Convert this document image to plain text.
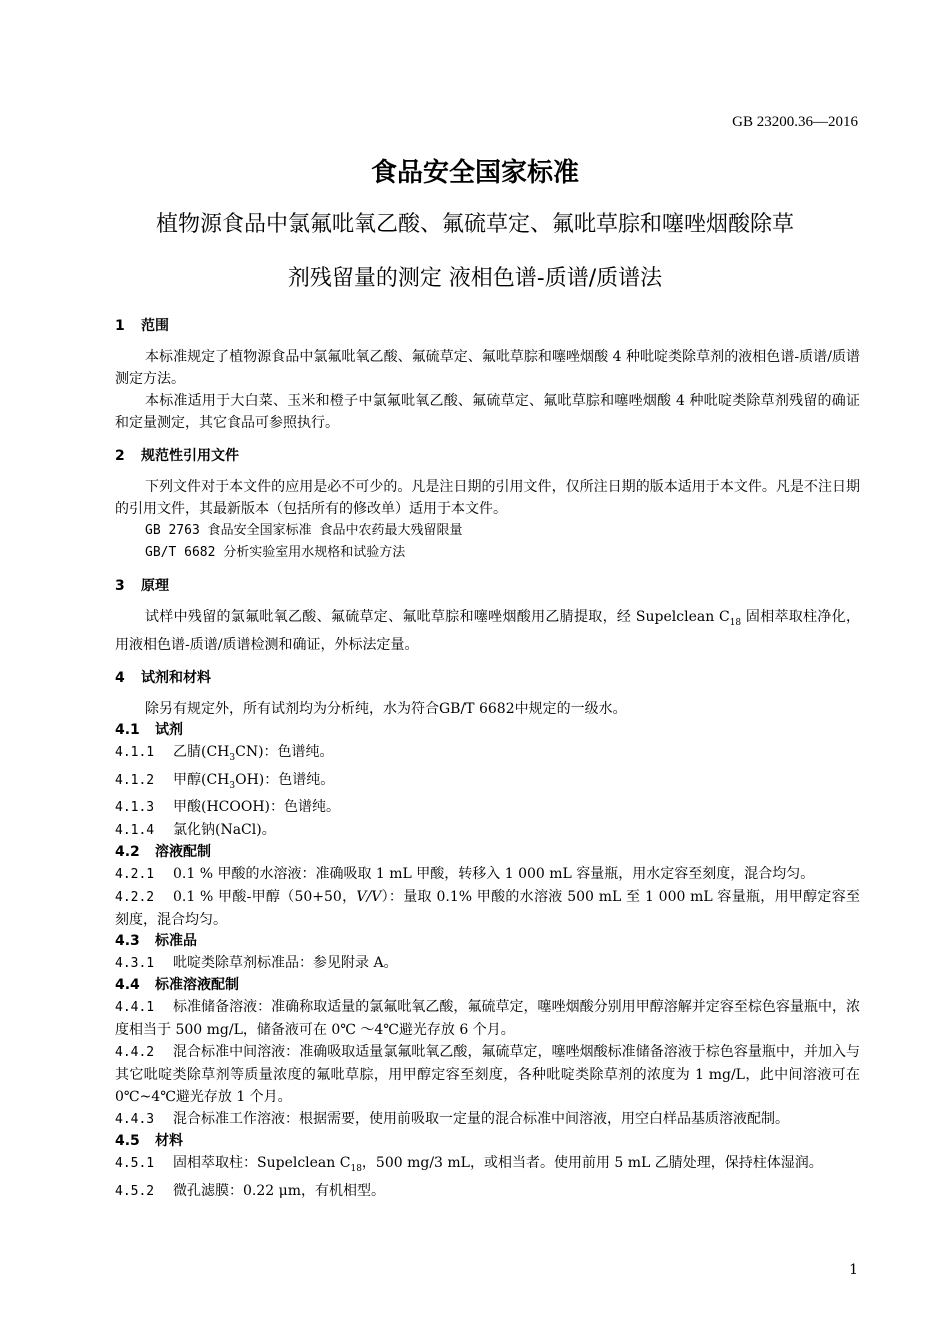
GB 23200.36—2016
食品安全国家标准
植物源食品中氯氟吡氧乙酸、氟硫草定、氟吡草腙和噻唑烟酸除草
剂残留量的测定 液相色谱-质谱/质谱法
1 范围

本标准规定了植物源食品中氯氟吡氧乙酸、氟硫草定、氟吡草腙和噻唑烟酸 4 种吡啶类除草剂的液相色谱-质谱/质谱测定方法。

本标准适用于大白菜、玉米和橙子中氯氟吡氧乙酸、氟硫草定、氟吡草腙和噻唑烟酸 4 种吡啶类除草剂残留的确证和定量测定，其它食品可参照执行。

2 规范性引用文件

下列文件对于本文件的应用是必不可少的。凡是注日期的引用文件，仅所注日期的版本适用于本文件。凡是不注日期的引用文件，其最新版本（包括所有的修改单）适用于本文件。

GB 2763 食品安全国家标准 食品中农药最大残留限量

GB/T 6682 分析实验室用水规格和试验方法

3 原理

试样中残留的氯氟吡氧乙酸、氟硫草定、氟吡草腙和噻唑烟酸用乙腈提取，经 Supelclean $C_{18}$ 固相萃取柱净化，用液相色谱-质谱/质谱检测和确证，外标法定量。

4 试剂和材料

除另有规定外，所有试剂均为分析纯，水为符合GB/T 6682中规定的一级水。

4.1 试剂

4.1.1 乙腈$(CH_3CN)$：色谱纯。

4.1.2 甲醇$(CH_3OH)$：色谱纯。

4.1.3 甲酸(HCOOH)：色谱纯。

4.1.4 氯化钠(NaCl)。

4.2 溶液配制

4.2.1 0.1 % 甲酸的水溶液：准确吸取 1 mL 甲酸，转移入 1 000 mL 容量瓶，用水定容至刻度，混合均匀。

4.2.2 0.1 % 甲酸-甲醇（50+50，V/V）：量取 0.1% 甲酸的水溶液 500 mL 至 1 000 mL 容量瓶，用甲醇定容至刻度，混合均匀。

4.3 标准品

4.3.1 吡啶类除草剂标准品：参见附录 A。

4.4 标准溶液配制

4.4.1 标准储备溶液：准确称取适量的氯氟吡氧乙酸，氟硫草定，噻唑烟酸分别用甲醇溶解并定容至棕色容量瓶中，浓度相当于 500 mg/L，储备液可在 0℃ ～4℃避光存放 6 个月。

4.4.2 混合标准中间溶液：准确吸取适量氯氟吡氧乙酸，氟硫草定，噻唑烟酸标准储备溶液于棕色容量瓶中，并加入与其它吡啶类除草剂等质量浓度的氟吡草腙，用甲醇定容至刻度，各种吡啶类除草剂的浓度为 1 mg/L，此中间溶液可在 0℃~4℃避光存放 1 个月。

4.4.3 混合标准工作溶液：根据需要，使用前吸取一定量的混合标准中间溶液，用空白样品基质溶液配制。

4.5 材料

4.5.1 固相萃取柱：Supelclean $C_{18}$，500 mg/3 mL，或相当者。使用前用 5 mL 乙腈处理，保持柱体湿润。

4.5.2 微孔滤膜：0.22 μm，有机相型。

1
